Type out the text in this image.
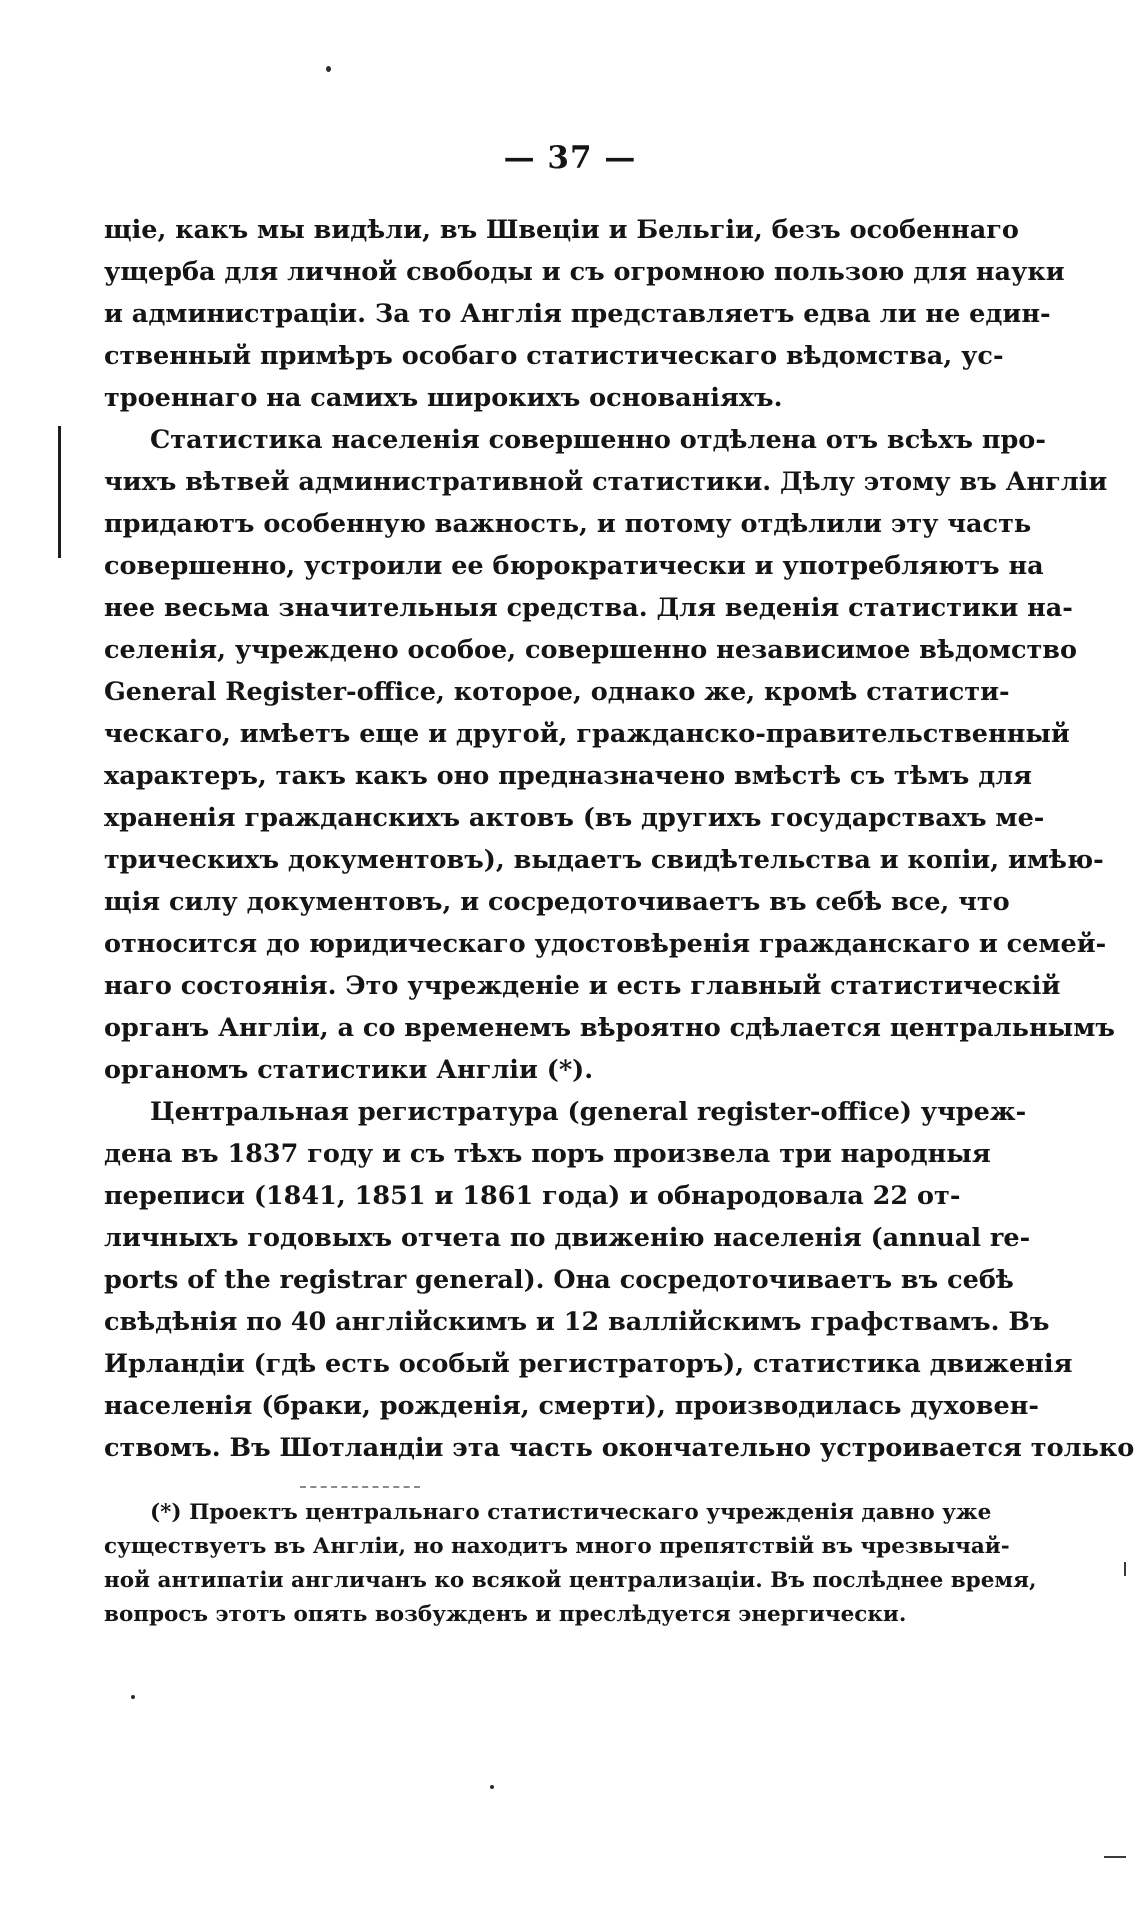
— 37 —
щіе, какъ мы видѣли, въ Швеціи и Бельгіи, безъ особеннаго
ущерба для личной свободы и съ огромною пользою для науки
и администраціи. За то Англія представляетъ едва ли не един-
ственный примѣръ особаго статистическаго вѣдомства, ус-
троеннаго на самихъ широкихъ основаніяхъ.
Статистика населенія совершенно отдѣлена отъ всѣхъ про-
чихъ вѣтвей административной статистики. Дѣлу этому въ Англіи
придаютъ особенную важность, и потому отдѣлили эту часть
совершенно, устроили ее бюрократически и употребляютъ на
нее весьма значительныя средства. Для веденія статистики на-
селенія, учреждено особое, совершенно независимое вѣдомство
General Register-office, которое, однако же, кромѣ статисти-
ческаго, имѣетъ еще и другой, гражданско-правительственный
характеръ, такъ какъ оно предназначено вмѣстѣ съ тѣмъ для
храненія гражданскихъ актовъ (въ другихъ государствахъ ме-
трическихъ документовъ), выдаетъ свидѣтельства и копіи, имѣю-
щія силу документовъ, и сосредоточиваетъ въ себѣ все, что
относится до юридическаго удостовѣренія гражданскаго и семей-
наго состоянія. Это учрежденіе и есть главный статистическій
органъ Англіи, а со временемъ вѣроятно сдѣлается центральнымъ
органомъ статистики Англіи (*).
Центральная регистратура (general register-office) учреж-
дена въ 1837 году и съ тѣхъ поръ произвела три народныя
переписи (1841, 1851 и 1861 года) и обнародовала 22 от-
личныхъ годовыхъ отчета по движенію населенія (annual re-
ports of the registrar general). Она сосредоточиваетъ въ себѣ
свѣдѣнія по 40 англійскимъ и 12 валлійскимъ графствамъ. Въ
Ирландіи (гдѣ есть особый регистраторъ), статистика движенія
населенія (браки, рожденія, смерти), производилась духовен-
ствомъ. Въ Шотландіи эта часть окончательно устроивается только
(*) Проектъ центральнаго статистическаго учрежденія давно уже
существуетъ въ Англіи, но находитъ много препятствій въ чрезвычай-
ной антипатіи англичанъ ко всякой централизаціи. Въ послѣднее время,
вопросъ этотъ опять возбужденъ и преслѣдуется энергически.
